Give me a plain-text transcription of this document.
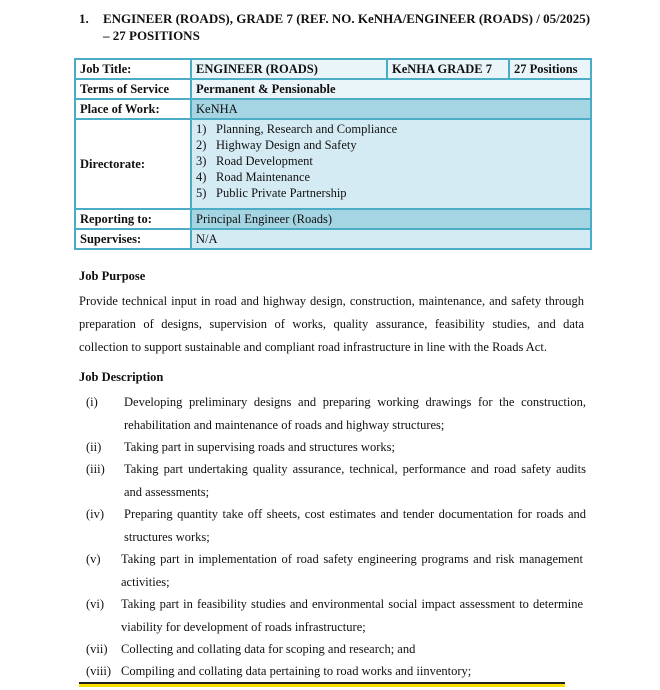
1. ENGINEER (ROADS), GRADE 7 (REF. NO. KeNHA/ENGINEER (ROADS) / 05/2025)
– 27 POSITIONS
Job Title:	ENGINEER (ROADS)	KeNHA GRADE 7	27 Positions
Terms of Service	Permanent & Pensionable		
Place of Work:	KeNHA		
Directorate:	1) Planning, Research and Compliance
2) Highway Design and Safety
3) Road Development
4) Road Maintenance
5) Public Private Partnership		

Reporting to:	Principal Engineer (Roads)		
Supervises:	N/A		
Job Purpose
Provide technical input in road and highway design, construction, maintenance, and safety through preparation of designs, supervision of works, quality assurance, feasibility studies, and data collection to support sustainable and compliant road infrastructure in line with the Roads Act.
Job Description
(i) Developing preliminary designs and preparing working drawings for the construction, rehabilitation and maintenance of roads and highway structures;
(ii) Taking part in supervising roads and structures works;
(iii) Taking part undertaking quality assurance, technical, performance and road safety audits and assessments;
(iv) Preparing quantity take off sheets, cost estimates and tender documentation for roads and structures works;
(v) Taking part in implementation of road safety engineering programs and risk management activities;
(vi) Taking part in feasibility studies and environmental social impact assessment to determine viability for development of roads infrastructure;
(vii) Collecting and collating data for scoping and research; and
(viii) Compiling and collating data pertaining to road works and iinventory;
